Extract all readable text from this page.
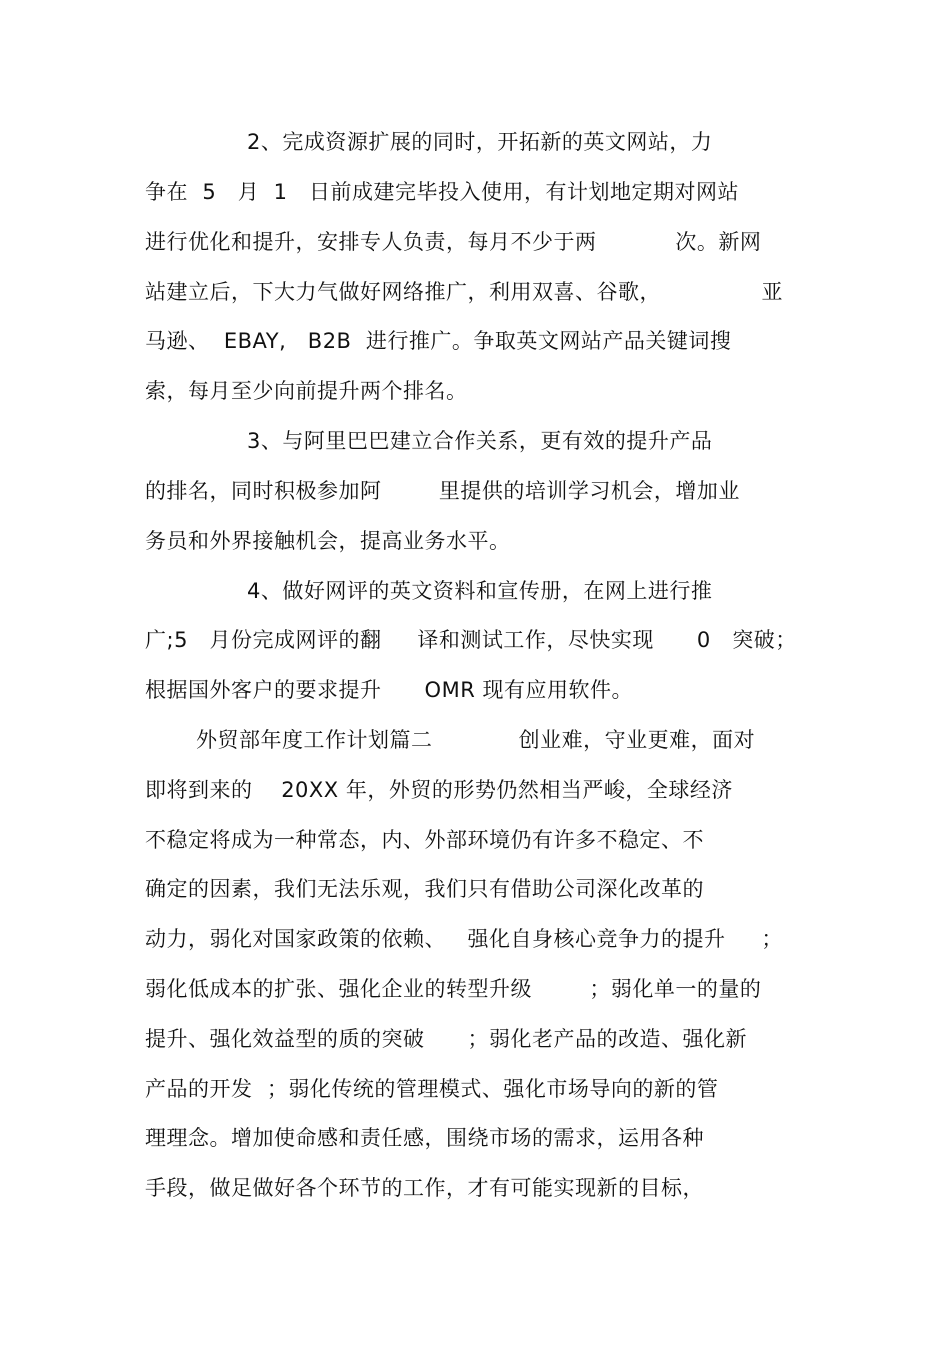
2、完成资源扩展的同时，开拓新的英文网站，力
争在  5   月  1   日前成建完毕投入使用，有计划地定期对网站
进行优化和提升，安排专人负责，每月不少于两           次。新网
站建立后，下大力气做好网络推广，利用双喜、谷歌，              亚
马逊、  EBAY,   B2B  进行推广。争取英文网站产品关键词搜
索，每月至少向前提升两个排名。
3、与阿里巴巴建立合作关系，更有效的提升产品
的排名，同时积极参加阿        里提供的培训学习机会，增加业
务员和外界接触机会，提高业务水平。
4、做好网评的英文资料和宣传册，在网上进行推
广;5   月份完成网评的翻     译和测试工作，尽快实现      0   突破；
根据国外客户的要求提升      OMR 现有应用软件。
外贸部年度工作计划篇二            创业难，守业更难，面对
即将到来的    20XX 年，外贸的形势仍然相当严峻，全球经济
不稳定将成为一种常态，内、外部环境仍有许多不稳定、不
确定的因素，我们无法乐观，我们只有借助公司深化改革的
动力，弱化对国家政策的依赖、   强化自身核心竞争力的提升     ；
弱化低成本的扩张、强化企业的转型升级        ；弱化单一的量的
提升、强化效益型的质的突破      ；弱化老产品的改造、强化新
产品的开发  ；弱化传统的管理模式、强化市场导向的新的管
理理念。增加使命感和责任感，围绕市场的需求，运用各种
手段，做足做好各个环节的工作，才有可能实现新的目标，
